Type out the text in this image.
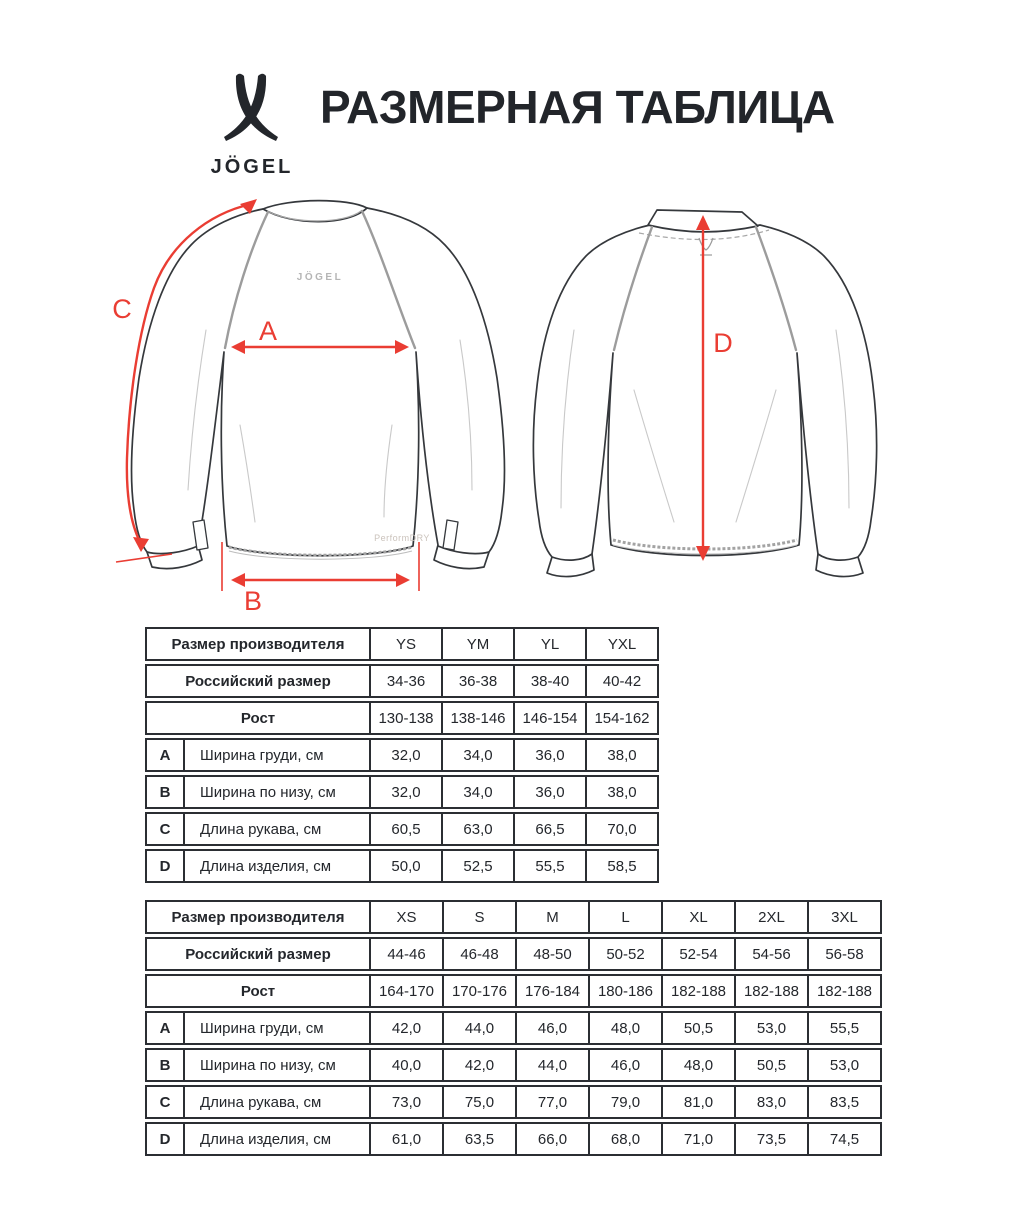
JÖGEL
РАЗМЕРНАЯ ТАБЛИЦА
JÖGEL
PerformDRY
A
B
C
D
Размер производителя	YS	YM	YL	YXL
Российский размер	34-36	36-38	38-40	40-42
Рост	130-138	138-146	146-154	154-162
A	Ширина груди, см	32,0	34,0	36,0	38,0
B	Ширина по низу, см	32,0	34,0	36,0	38,0
C	Длина рукава, см	60,5	63,0	66,5	70,0
D	Длина изделия, см	50,0	52,5	55,5	58,5
Размер производителя	XS	S	M	L	XL	2XL	3XL
Российский размер	44-46	46-48	48-50	50-52	52-54	54-56	56-58
Рост	164-170	170-176	176-184	180-186	182-188	182-188	182-188
A	Ширина груди, см	42,0	44,0	46,0	48,0	50,5	53,0	55,5
B	Ширина по низу, см	40,0	42,0	44,0	46,0	48,0	50,5	53,0
C	Длина рукава, см	73,0	75,0	77,0	79,0	81,0	83,0	83,5
D	Длина изделия, см	61,0	63,5	66,0	68,0	71,0	73,5	74,5
